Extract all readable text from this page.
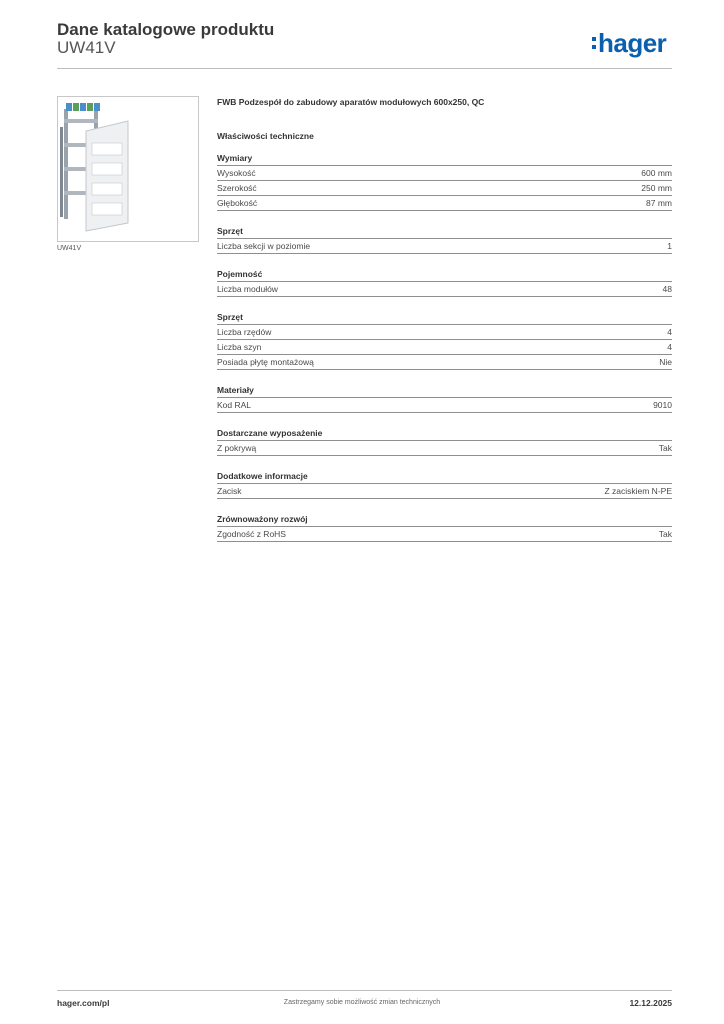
Dane katalogowe produktu
UW41V	hager
UW41V
FWB Podzespół do zabudowy aparatów modułowych 600x250, QC
Właściwości techniczne
Wymiary
Wysokość	600 mm
Szerokość	250 mm
Głębokość	87 mm
Sprzęt
Liczba sekcji w poziomie	1
Pojemność
Liczba modułów	48
Sprzęt
Liczba rzędów	4
Liczba szyn	4
Posiada płytę montażową	Nie
Materiały
Kod RAL	9010
Dostarczane wyposażenie
Z pokrywą	Tak
Dodatkowe informacje
Zacisk	Z zaciskiem N-PE
Zrównoważony rozwój
Zgodność z RoHS	Tak
hager.com/pl	Zastrzegamy sobie możliwość zmian technicznych	12.12.2025
